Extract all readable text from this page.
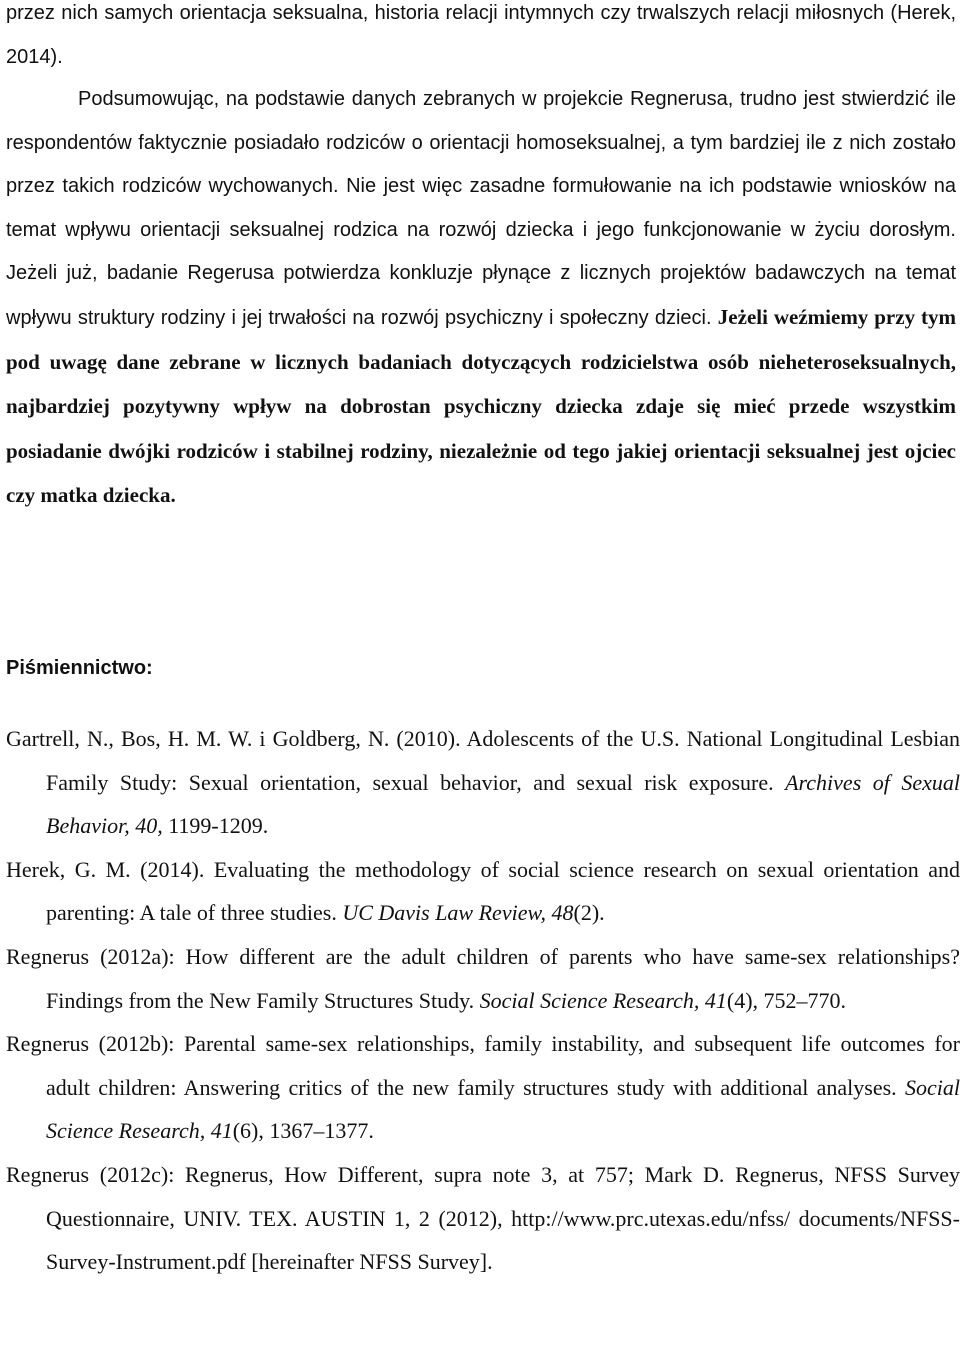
przez nich samych orientacja seksualna, historia relacji intymnych czy trwalszych relacji miłosnych (Herek, 2014).

Podsumowując, na podstawie danych zebranych w projekcie Regnerusa, trudno jest stwierdzić ile respondentów faktycznie posiadało rodziców o orientacji homoseksualnej, a tym bardziej ile z nich zostało przez takich rodziców wychowanych. Nie jest więc zasadne formułowanie na ich podstawie wniosków na temat wpływu orientacji seksualnej rodzica na rozwój dziecka i jego funkcjonowanie w życiu dorosłym. Jeżeli już, badanie Regerusa potwierdza konkluzje płynące z licznych projektów badawczych na temat wpływu struktury rodziny i jej trwałości na rozwój psychiczny i społeczny dzieci. Jeżeli weźmiemy przy tym pod uwagę dane zebrane w licznych badaniach dotyczących rodzicielstwa osób nieheteroseksualnych, najbardziej pozytywny wpływ na dobrostan psychiczny dziecka zdaje się mieć przede wszystkim posiadanie dwójki rodziców i stabilnej rodziny, niezależnie od tego jakiej orientacji seksualnej jest ojciec czy matka dziecka.

Piśmiennictwo:
Gartrell, N., Bos, H. M. W. i Goldberg, N. (2010). Adolescents of the U.S. National Longitudinal Lesbian Family Study: Sexual orientation, sexual behavior, and sexual risk exposure. Archives of Sexual Behavior, 40, 1199-1209.
Herek, G. M. (2014). Evaluating the methodology of social science research on sexual orientation and parenting: A tale of three studies. UC Davis Law Review, 48(2).
Regnerus (2012a): How different are the adult children of parents who have same-sex relationships? Findings from the New Family Structures Study. Social Science Research, 41(4), 752–770.
Regnerus (2012b): Parental same-sex relationships, family instability, and subsequent life outcomes for adult children: Answering critics of the new family structures study with additional analyses. Social Science Research, 41(6), 1367–1377.
Regnerus (2012c): Regnerus, How Different, supra note 3, at 757; Mark D. Regnerus, NFSS Survey Questionnaire, UNIV. TEX. AUSTIN 1, 2 (2012), http://www.prc.utexas.edu/nfss/ documents/NFSS-Survey-Instrument.pdf [hereinafter NFSS Survey].
